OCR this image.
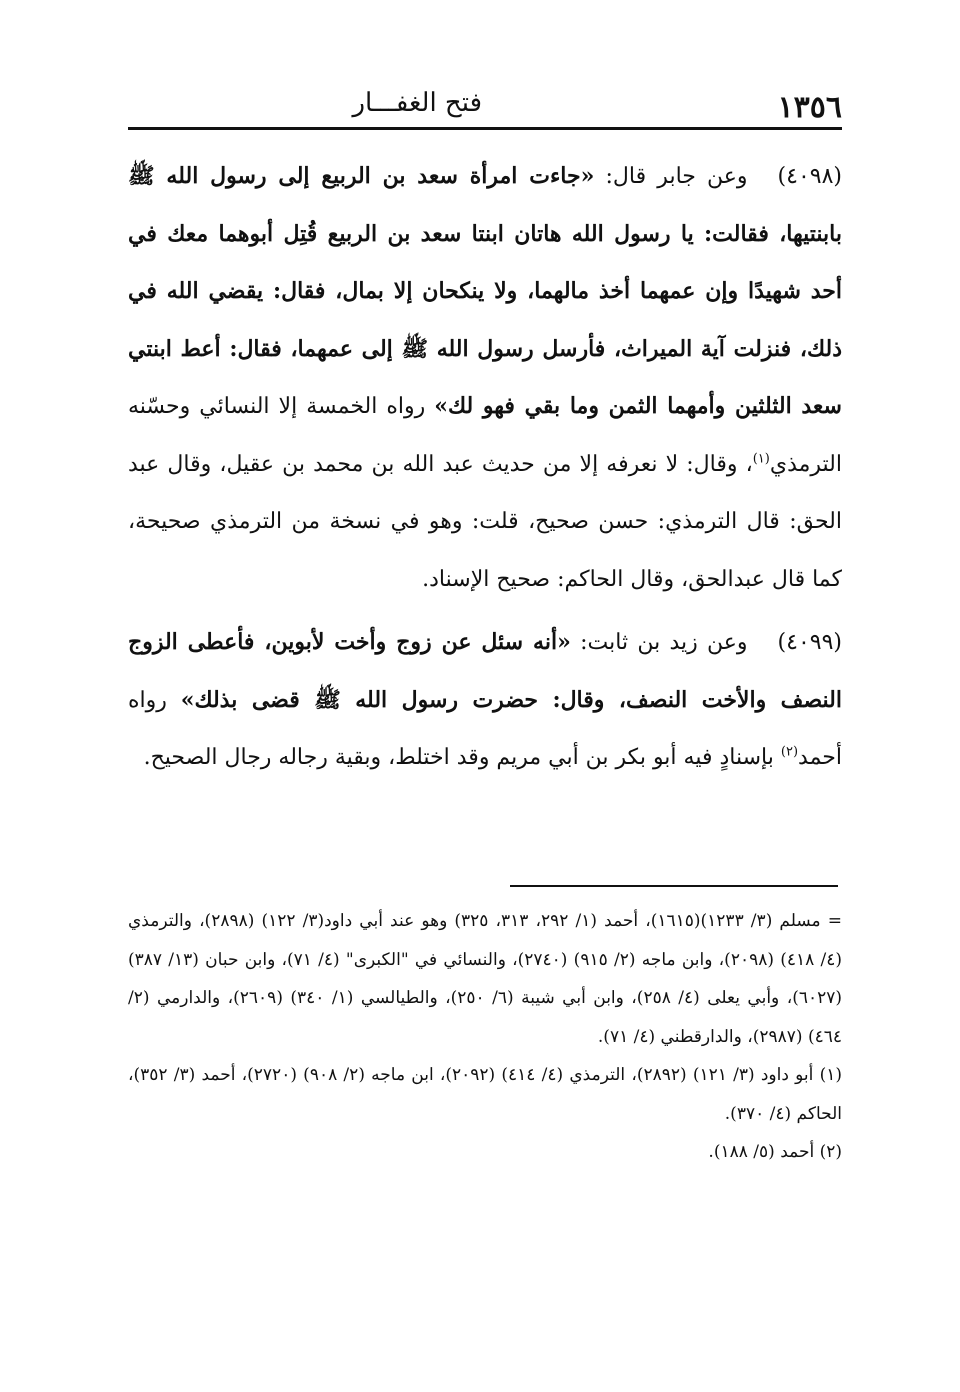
١٣٥٦
فتح الغفـــار

(٤٠٩٨)وعن جابر قال: «جاءت امرأة سعد بن الربيع إلى رسول الله ﷺ بابنتيها، فقالت: يا رسول الله هاتان ابنتا سعد بن الربيع قُتِل أبوهما معك في أحد شهيدًا وإن عمهما أخذ مالهما، ولا ينكحان إلا بمال، فقال: يقضي الله في ذلك، فنزلت آية الميراث، فأرسل رسول الله ﷺ إلى عمهما، فقال: أعط ابنتي سعد الثلثين وأمهما الثمن وما بقي فهو لك» رواه الخمسة إلا النسائي وحسّنه الترمذي$^{(١)}$، وقال: لا نعرفه إلا من حديث عبد الله بن محمد بن عقيل، وقال عبد الحق: قال الترمذي: حسن صحيح، قلت: وهو في نسخة من الترمذي صحيحة، كما قال عبدالحق، وقال الحاكم: صحيح الإسناد.

(٤٠٩٩)وعن زيد بن ثابت: «أنه سئل عن زوج وأخت لأبوين، فأعطى الزوج النصف والأخت النصف، وقال: حضرت رسول الله ﷺ قضى بذلك» رواه أحمد$^{(٢)}$ بإسنادٍ فيه أبو بكر بن أبي مريم وقد اختلط، وبقية رجاله رجال الصحيح.

= مسلم (٣/ ١٢٣٣)(١٦١٥)، أحمد (١/ ٢٩٢، ٣١٣، ٣٢٥) وهو عند أبي داود(٣/ ١٢٢) (٢٨٩٨)، والترمذي (٤/ ٤١٨) (٢٠٩٨)، وابن ماجه (٢/ ٩١٥) (٢٧٤٠)، والنسائي في "الكبرى" (٤/ ٧١)، وابن حبان (١٣/ ٣٨٧) (٦٠٢٧)، وأبي يعلى (٤/ ٢٥٨)، وابن أبي شيبة (٦/ ٢٥٠)، والطيالسي (١/ ٣٤٠) (٢٦٠٩)، والدارمي (٢/ ٤٦٤) (٢٩٨٧)، والدارقطني (٤/ ٧١).

(١) أبو داود (٣/ ١٢١) (٢٨٩٢)، الترمذي (٤/ ٤١٤) (٢٠٩٢)، ابن ماجه (٢/ ٩٠٨) (٢٧٢٠)، أحمد (٣/ ٣٥٢)، الحاكم (٤/ ٣٧٠).

(٢) أحمد (٥/ ١٨٨).
